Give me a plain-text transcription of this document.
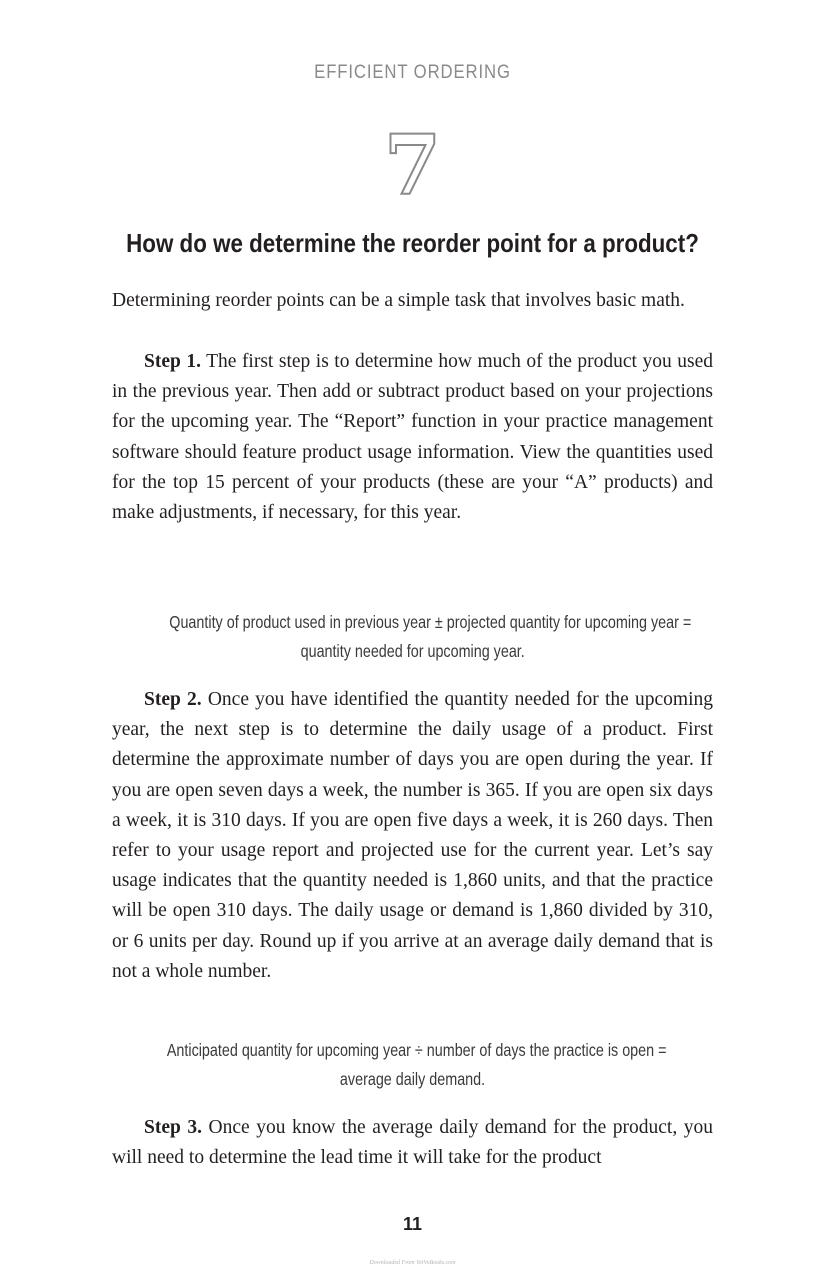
EFFICIENT ORDERING
7
How do we determine the reorder point for a product?

Determining reorder points can be a simple task that involves basic math.

Step 1. The first step is to determine how much of the product you used in the previous year. Then add or subtract product based on your projections for the upcoming year. The “Report” function in your practice management software should feature product usage information. View the quantities used for the top 15 percent of your products (these are your “A” products) and make adjustments, if necessary, for this year.

Quantity of product used in previous year ± projected quantity for upcoming year =
quantity needed for upcoming year.

Step 2. Once you have identified the quantity needed for the upcoming year, the next step is to determine the daily usage of a product. First determine the approximate number of days you are open during the year. If you are open seven days a week, the number is 365. If you are open six days a week, it is 310 days. If you are open five days a week, it is 260 days. Then refer to your usage report and projected use for the current year. Let’s say usage indicates that the quantity needed is 1,860 units, and that the practice will be open 310 days. The daily usage or demand is 1,860 divided by 310, or 6 units per day. Round up if you arrive at an average daily demand that is not a whole number.

Anticipated quantity for upcoming year ÷ number of days the practice is open =
average daily demand.

Step 3. Once you know the average daily demand for the product, you will need to determine the lead time it will take for the product

11
Downloaded From VetVoBooks.com
